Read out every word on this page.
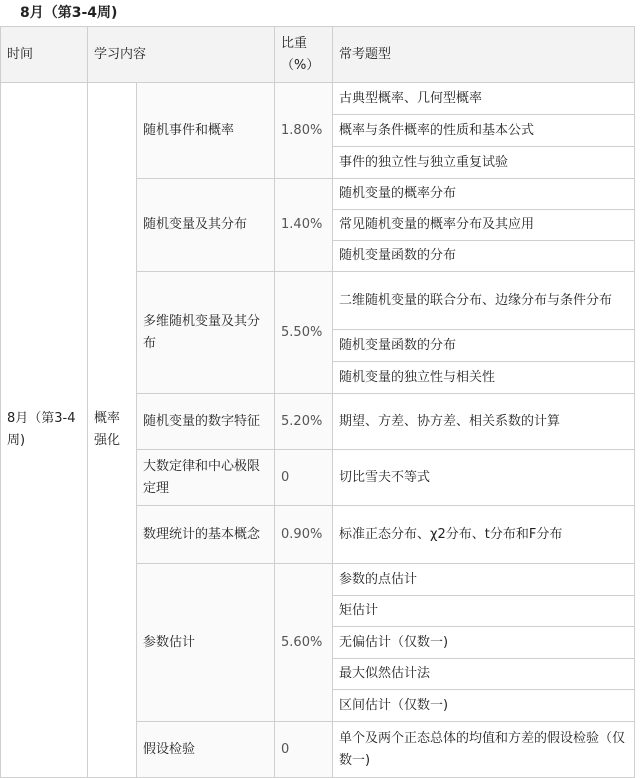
8月（第3-4周)
时间	学习内容		比重（%）	常考题型
8月（第3-4周)	概率强化	随机事件和概率	1.80%	古典型概率、几何型概率
				概率与条件概率的性质和基本公式
				事件的独立性与独立重复试验
		随机变量及其分布	1.40%	随机变量的概率分布
				常见随机变量的概率分布及其应用
				随机变量函数的分布
		多维随机变量及其分布	5.50%	二维随机变量的联合分布、边缘分布与条件分布
				随机变量函数的分布
				随机变量的独立性与相关性
		随机变量的数字特征	5.20%	期望、方差、协方差、相关系数的计算
		大数定律和中心极限定理	0	切比雪夫不等式
		数理统计的基本概念	0.90%	标准正态分布、χ2分布、t分布和F分布
		参数估计	5.60%	参数的点估计
				矩估计
				无偏估计（仅数一)
				最大似然估计法
				区间估计（仅数一)
		假设检验	0	单个及两个正态总体的均值和方差的假设检验（仅数一)
